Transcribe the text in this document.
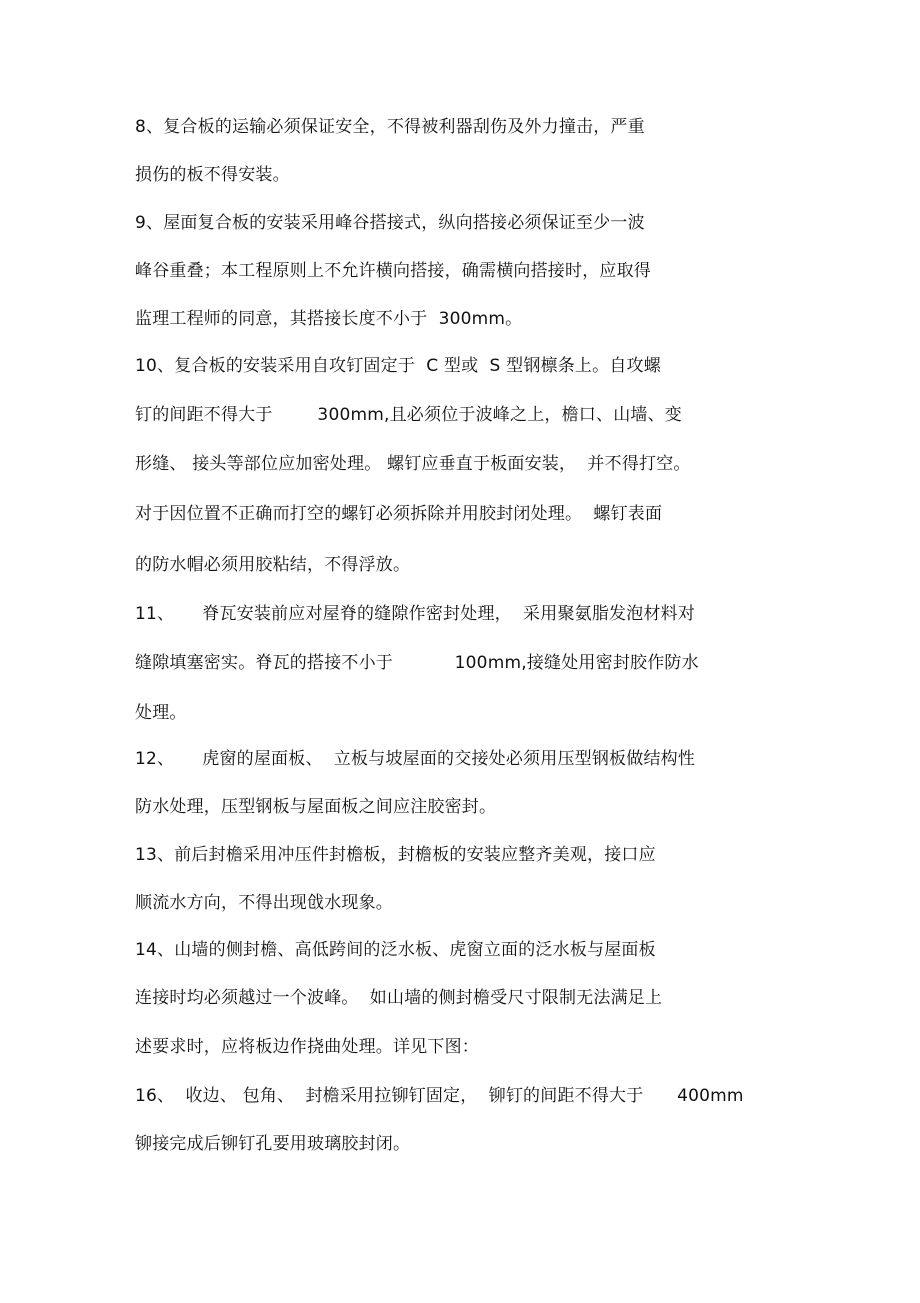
8、复合板的运输必须保证安全，不得被利器刮伤及外力撞击，严重
损伤的板不得安装。
9、屋面复合板的安装采用峰谷搭接式，纵向搭接必须保证至少一波
峰谷重叠；本工程原则上不允许横向搭接，确需横向搭接时，应取得
监理工程师的同意，其搭接长度不小于  300mm。
10、复合板的安装采用自攻钉固定于  C 型或  S 型钢檩条上。自攻螺
钉的间距不得大于        300mm,且必须位于波峰之上，檐口、山墙、变
形缝、 接头等部位应加密处理。 螺钉应垂直于板面安装，  并不得打空。
对于因位置不正确而打空的螺钉必须拆除并用胶封闭处理。  螺钉表面
的防水帽必须用胶粘结，不得浮放。
11、     脊瓦安装前应对屋脊的缝隙作密封处理，  采用聚氨脂发泡材料对
缝隙填塞密实。脊瓦的搭接不小于           100mm,接缝处用密封胶作防水
处理。
12、     虎窗的屋面板、  立板与坡屋面的交接处必须用压型钢板做结构性
防水处理，压型钢板与屋面板之间应注胶密封。
13、前后封檐采用冲压件封檐板，封檐板的安装应整齐美观，接口应
顺流水方向，不得出现戗水现象。
14、山墙的侧封檐、高低跨间的泛水板、虎窗立面的泛水板与屋面板
连接时均必须越过一个波峰。  如山墙的侧封檐受尺寸限制无法满足上
述要求时，应将板边作挠曲处理。详见下图：
16、  收边、 包角、  封檐采用拉铆钉固定，  铆钉的间距不得大于      400mm
铆接完成后铆钉孔要用玻璃胶封闭。
